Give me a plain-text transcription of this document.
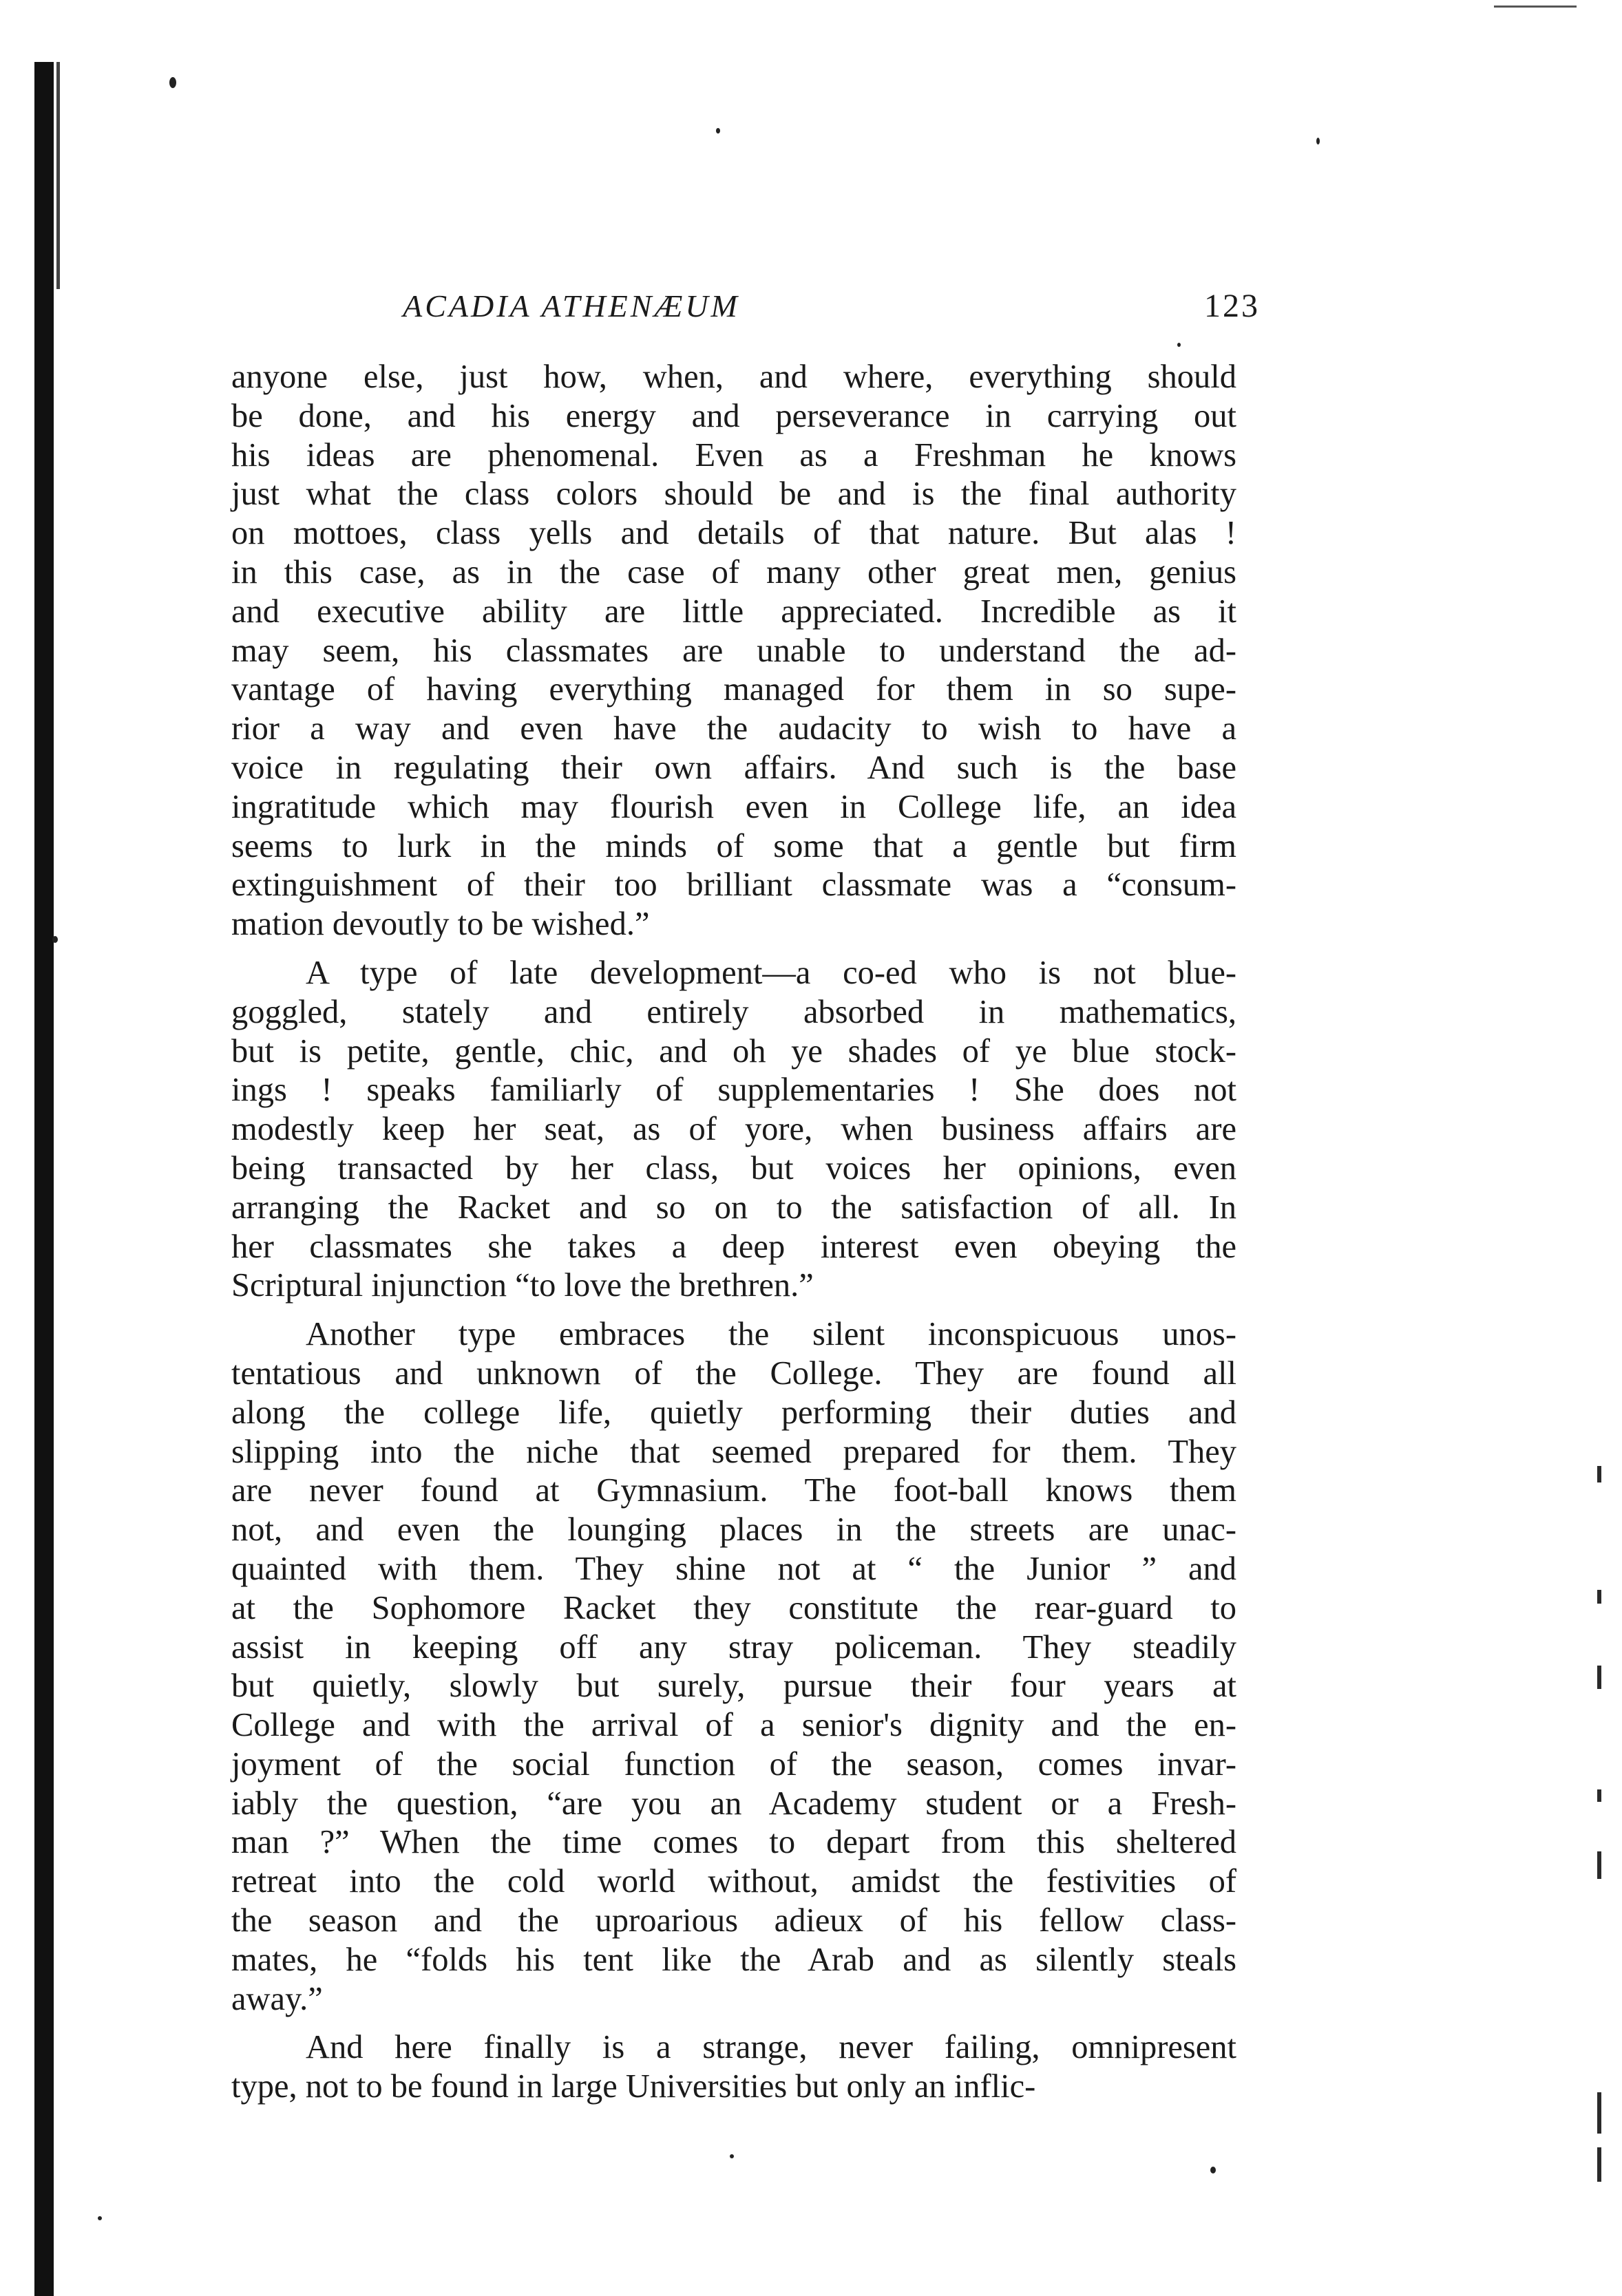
ACADIA ATHENÆUM	123
anyone else, just how, when, and where, everything should
be done, and his energy and perseverance in carrying out
his ideas are phenomenal. Even as a Freshman he knows
just what the class colors should be and is the final authority
on mottoes, class yells and details of that nature. But alas !
in this case, as in the case of many other great men, genius
and executive ability are little appreciated. Incredible as it
may seem, his classmates are unable to understand the ad-
vantage of having everything managed for them in so supe-
rior a way and even have the audacity to wish to have a
voice in regulating their own affairs. And such is the base
ingratitude which may flourish even in College life, an idea
seems to lurk in the minds of some that a gentle but firm
extinguishment of their too brilliant classmate was a “consum-
mation devoutly to be wished.”
A type of late development—a co-ed who is not blue-
goggled, stately and entirely absorbed in mathematics,
but is petite, gentle, chic, and oh ye shades of ye blue stock-
ings ! speaks familiarly of supplementaries ! She does not
modestly keep her seat, as of yore, when business affairs are
being transacted by her class, but voices her opinions, even
arranging the Racket and so on to the satisfaction of all. In
her classmates she takes a deep interest even obeying the
Scriptural injunction “to love the brethren.”
Another type embraces the silent inconspicuous unos-
tentatious and unknown of the College. They are found all
along the college life, quietly performing their duties and
slipping into the niche that seemed prepared for them. They
are never found at Gymnasium. The foot-ball knows them
not, and even the lounging places in the streets are unac-
quainted with them. They shine not at “ the Junior ” and
at the Sophomore Racket they constitute the rear-guard to
assist in keeping off any stray policeman. They steadily
but quietly, slowly but surely, pursue their four years at
College and with the arrival of a senior's dignity and the en-
joyment of the social function of the season, comes invar-
iably the question, “are you an Academy student or a Fresh-
man ?” When the time comes to depart from this sheltered
retreat into the cold world without, amidst the festivities of
the season and the uproarious adieux of his fellow class-
mates, he “folds his tent like the Arab and as silently steals
away.”
And here finally is a strange, never failing, omnipresent
type, not to be found in large Universities but only an inflic-
